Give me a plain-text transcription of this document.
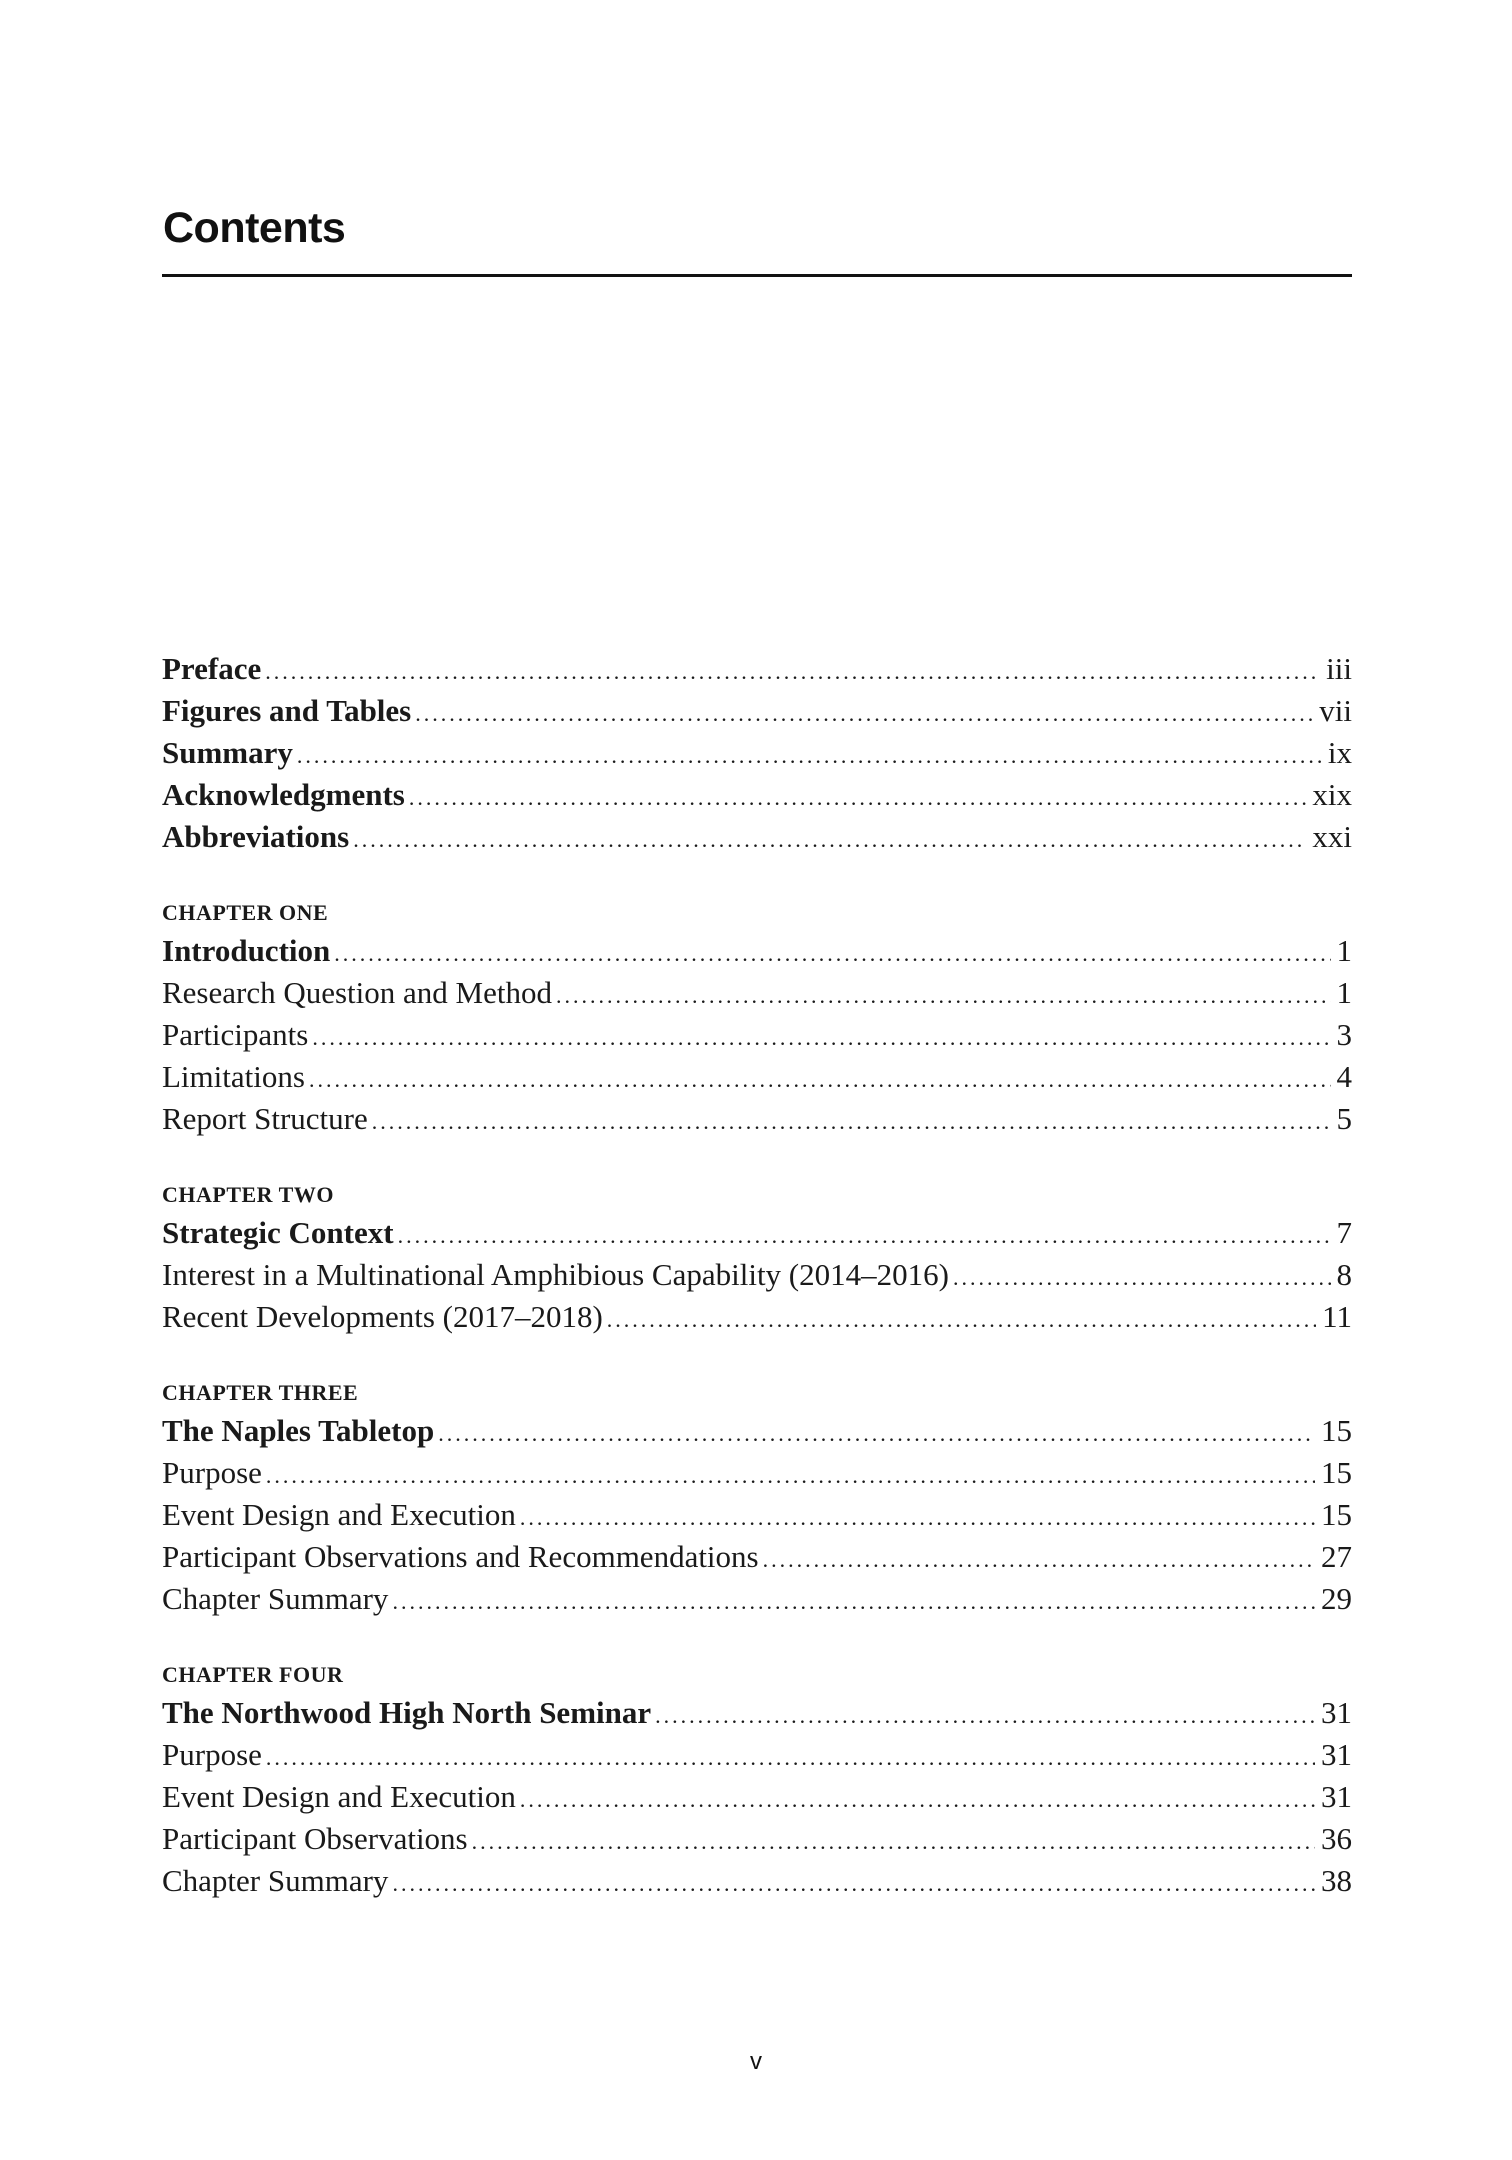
Contents
Preface .....	iii
Figures and Tables .....	vii
Summary .....	ix
Acknowledgments .....	xix
Abbreviations .....	xxi
CHAPTER ONE
Introduction .....	1
Research Question and Method .....	1
Participants .....	3
Limitations .....	4
Report Structure .....	5
CHAPTER TWO
Strategic Context .....	7
Interest in a Multinational Amphibious Capability (2014–2016) .....	8
Recent Developments (2017–2018) .....	11
CHAPTER THREE
The Naples Tabletop .....	15
Purpose .....	15
Event Design and Execution .....	15
Participant Observations and Recommendations .....	27
Chapter Summary .....	29
CHAPTER FOUR
The Northwood High North Seminar .....	31
Purpose .....	31
Event Design and Execution .....	31
Participant Observations .....	36
Chapter Summary .....	38
v
